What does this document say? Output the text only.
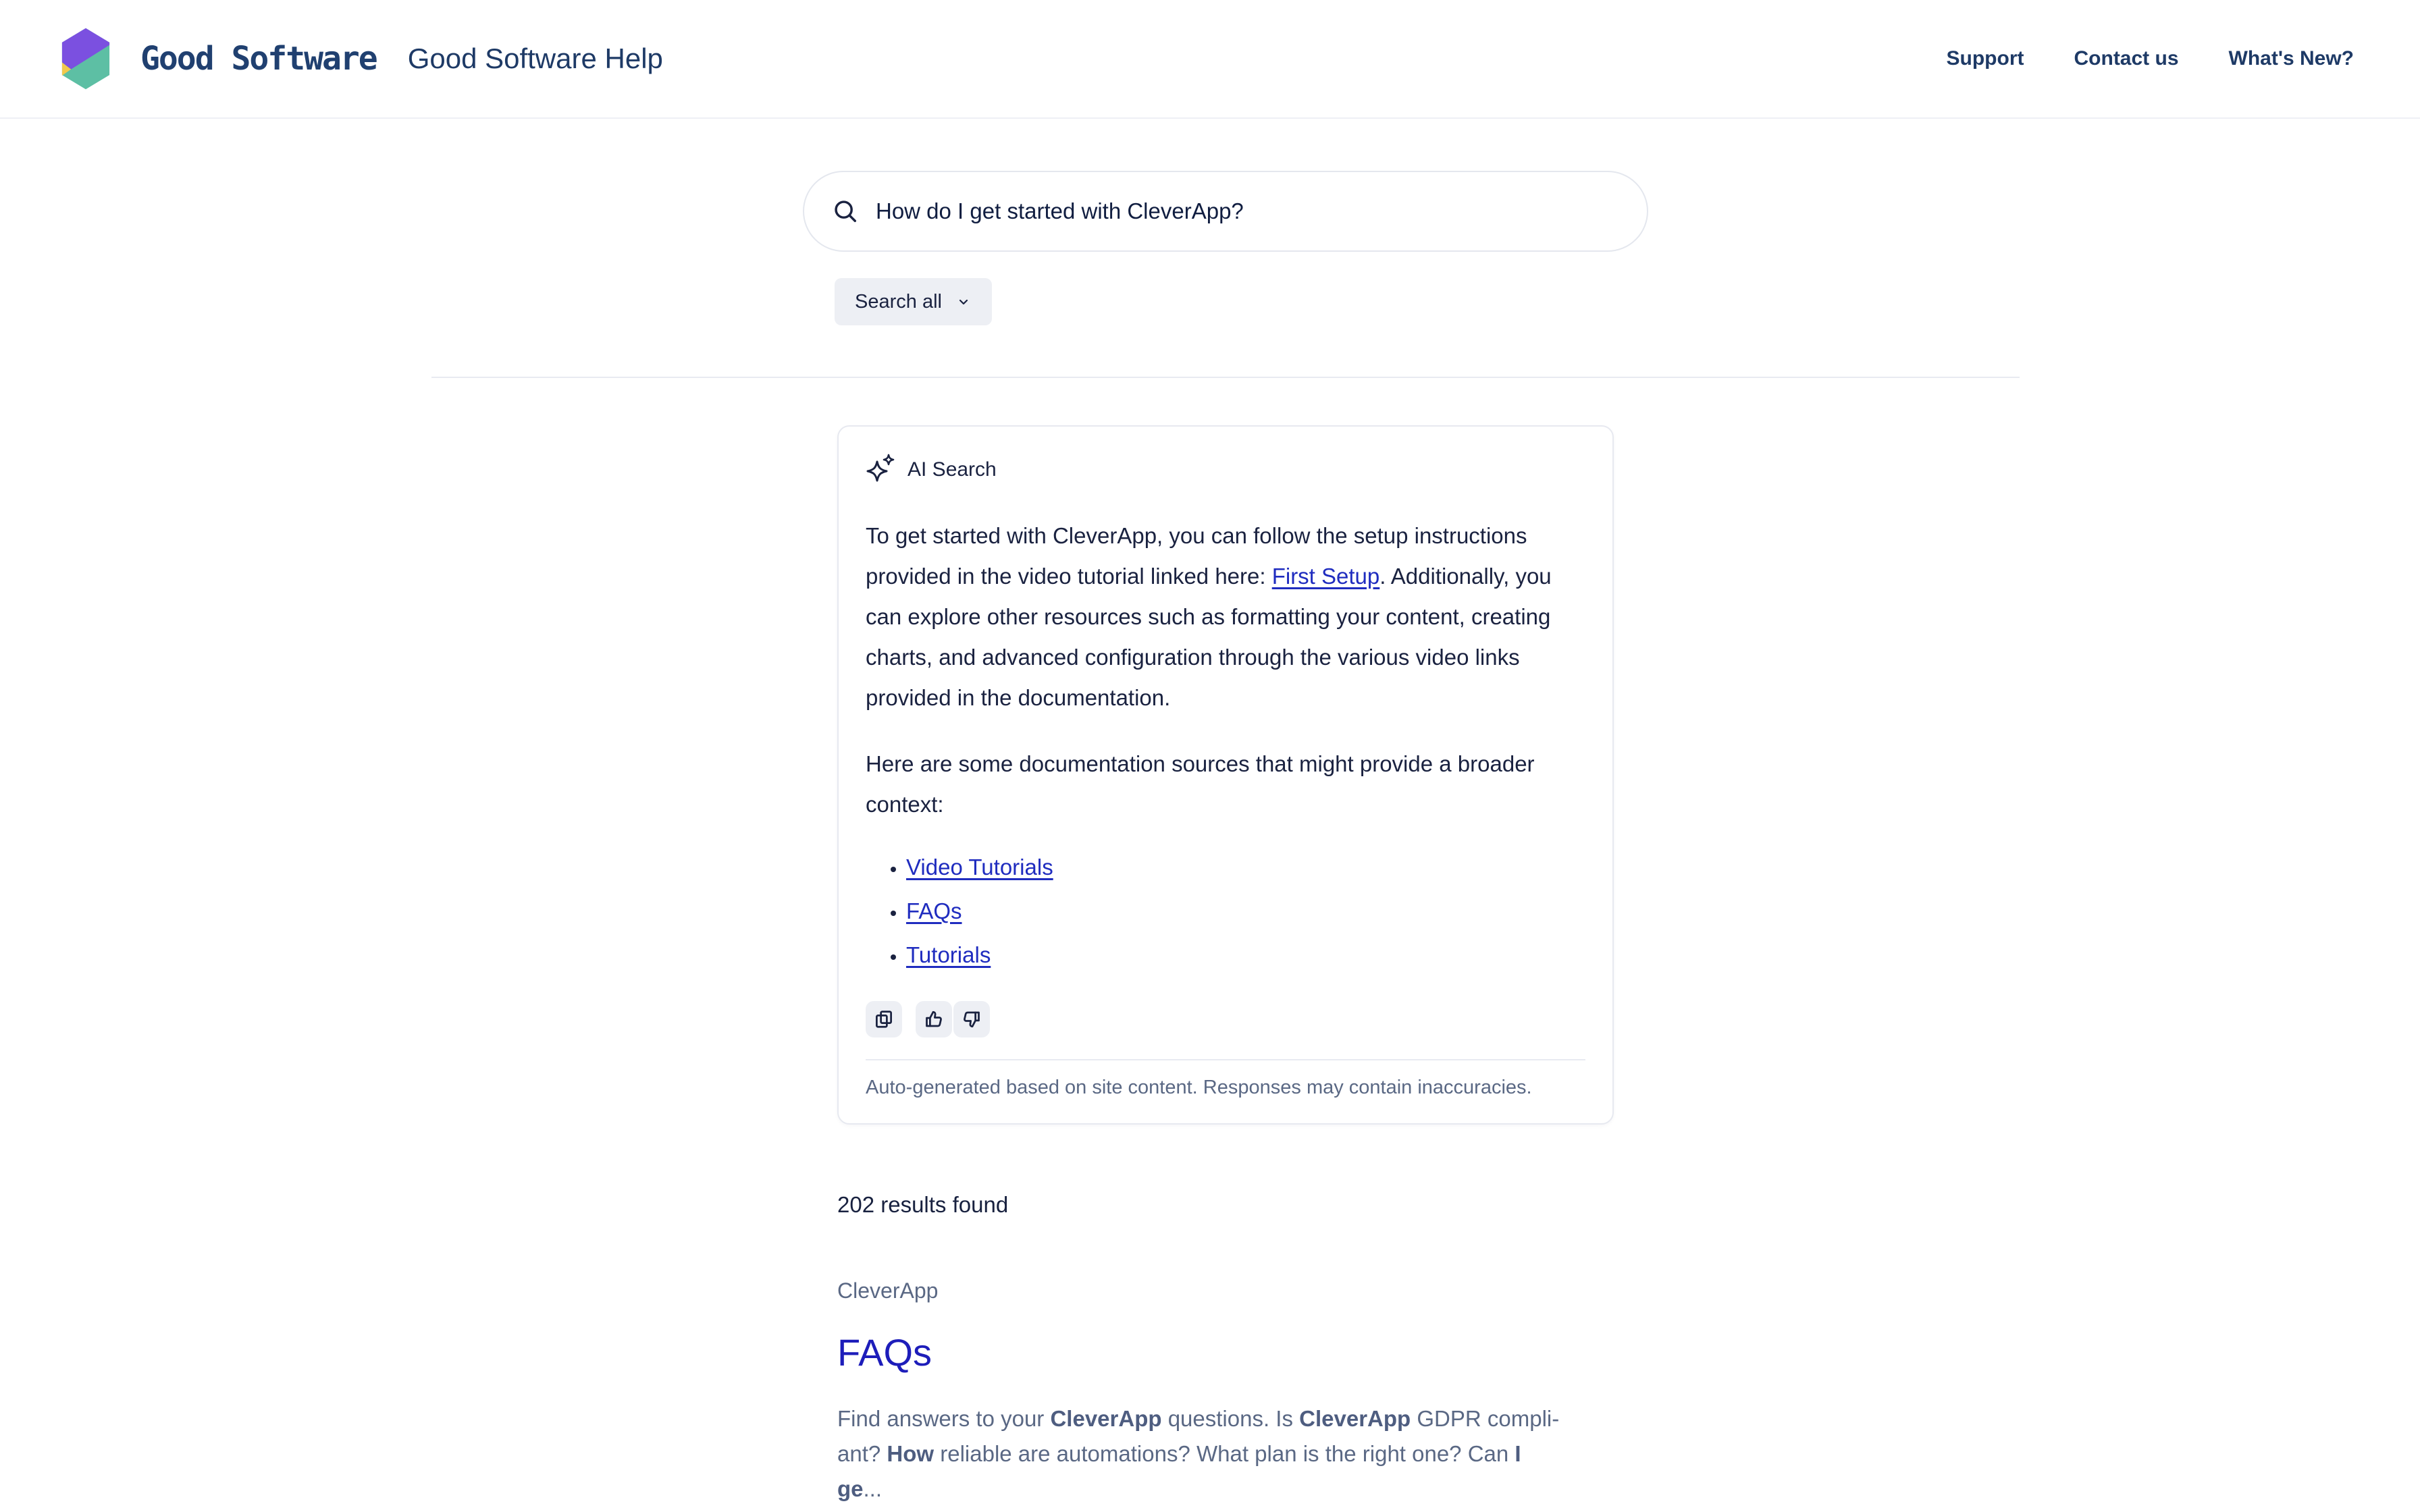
Good Software Good Software Help	Support Contact us What's New?
How do I get started with CleverApp?
Search all
AI Search

To get started with CleverApp, you can follow the setup instructions provided in the video tutorial linked here: First Setup. Additionally, you can explore other resources such as formatting your content, creating charts, and advanced configuration through the various video links provided in the documentation.

Here are some documentation sources that might provide a broader context:

• Video Tutorials
• FAQs
• Tutorials
Auto-generated based on site content. Responses may contain inaccuracies.
202 results found
CleverApp
FAQs
Find answers to your CleverApp questions. Is CleverApp GDPR compli-
ant? How reliable are automations? What plan is the right one? Can I
ge...
